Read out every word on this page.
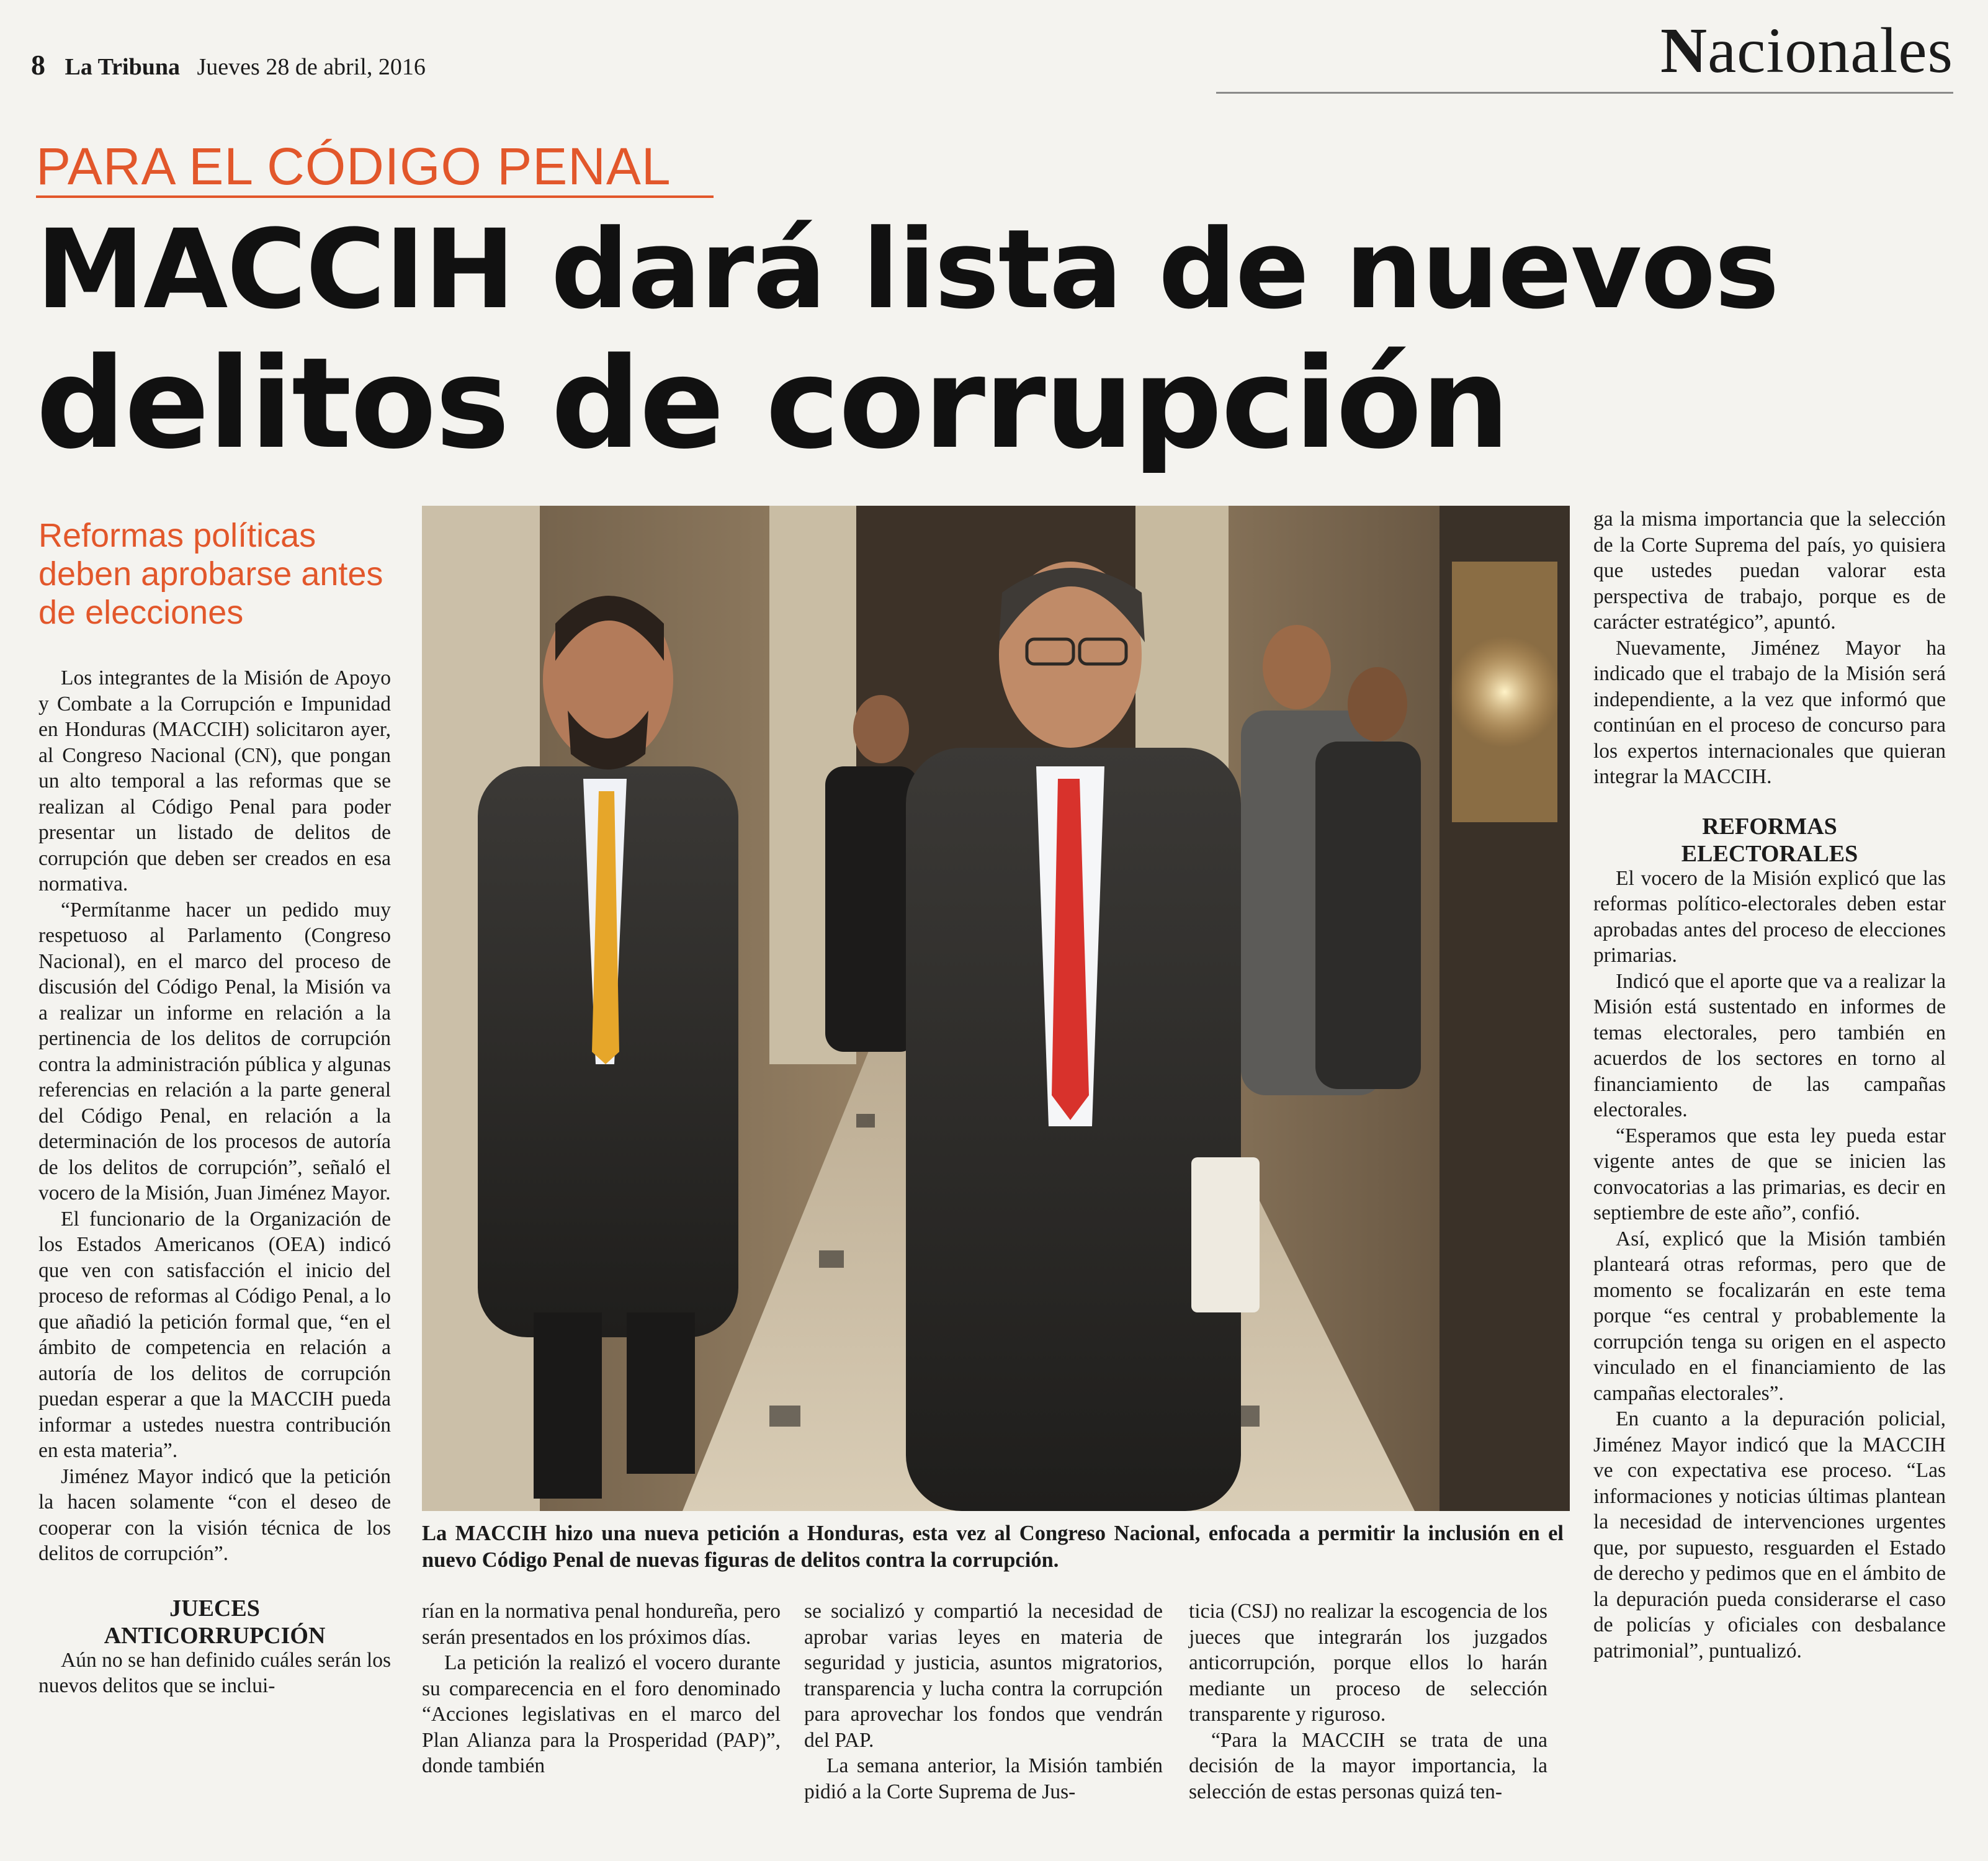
8 La Tribuna Jueves 28 de abril, 2016	Nacionales
PARA EL CÓDIGO PENAL
MACCIH dará lista de nuevos
delitos de corrupción
Reformas políticas deben aprobarse antes de elecciones

Los integrantes de la Misión de Apoyo y Combate a la Corrupción e Impunidad en Honduras (MACCIH) solicitaron ayer, al Congreso Nacional (CN), que pongan un alto temporal a las reformas que se realizan al Código Penal para poder presentar un listado de delitos de corrupción que deben ser creados en esa normativa.

“Permítanme hacer un pedido muy respetuoso al Parlamento (Congreso Nacional), en el marco del proceso de discusión del Código Penal, la Misión va a realizar un informe en relación a la pertinencia de los delitos de corrupción contra la administración pública y algunas referencias en relación a la parte general del Código Penal, en relación a la determinación de los procesos de autoría de los delitos de corrupción”, señaló el vocero de la Misión, Juan Jiménez Mayor.

El funcionario de la Organización de los Estados Americanos (OEA) indicó que ven con satisfacción el inicio del proceso de reformas al Código Penal, a lo que añadió la petición formal que, “en el ámbito de competencia en relación a autoría de los delitos de corrupción puedan esperar a que la MACCIH pueda informar a ustedes nuestra contribución en esta materia”.

Jiménez Mayor indicó que la petición la hacen solamente “con el deseo de cooperar con la visión técnica de los delitos de corrupción”.

JUECES
ANTICORRUPCIÓN

Aún no se han definido cuáles serán los nuevos delitos que se inclui-

La MACCIH hizo una nueva petición a Honduras, esta vez al Congreso Nacional, enfocada a permitir la inclusión en el nuevo Código Penal de nuevas figuras de delitos contra la corrupción.

rían en la normativa penal hondureña, pero serán presentados en los próximos días.

La petición la realizó el vocero durante su comparecencia en el foro denominado “Acciones legislativas en el marco del Plan Alianza para la Prosperidad (PAP)”, donde también

se socializó y compartió la necesidad de aprobar varias leyes en materia de seguridad y justicia, asuntos migratorios, transparencia y lucha contra la corrupción para aprovechar los fondos que vendrán del PAP.

La semana anterior, la Misión también pidió a la Corte Suprema de Jus-

ticia (CSJ) no realizar la escogencia de los jueces que integrarán los juzgados anticorrupción, porque ellos lo harán mediante un proceso de selección transparente y riguroso.

“Para la MACCIH se trata de una decisión de la mayor importancia, la selección de estas personas quizá ten-

ga la misma importancia que la selección de la Corte Suprema del país, yo quisiera que ustedes puedan valorar esta perspectiva de trabajo, porque es de carácter estratégico”, apuntó.

Nuevamente, Jiménez Mayor ha indicado que el trabajo de la Misión será independiente, a la vez que informó que continúan en el proceso de concurso para los expertos internacionales que quieran integrar la MACCIH.

REFORMAS
ELECTORALES

El vocero de la Misión explicó que las reformas político-electorales deben estar aprobadas antes del proceso de elecciones primarias.

Indicó que el aporte que va a realizar la Misión está sustentado en informes de temas electorales, pero también en acuerdos de los sectores en torno al financiamiento de las campañas electorales.

“Esperamos que esta ley pueda estar vigente antes de que se inicien las convocatorias a las primarias, es decir en septiembre de este año”, confió.

Así, explicó que la Misión también planteará otras reformas, pero que de momento se focalizarán en este tema porque “es central y probablemente la corrupción tenga su origen en el aspecto vinculado en el financiamiento de las campañas electorales”.

En cuanto a la depuración policial, Jiménez Mayor indicó que la MACCIH ve con expectativa ese proceso. “Las informaciones y noticias últimas plantean la necesidad de intervenciones urgentes que, por supuesto, resguarden el Estado de derecho y pedimos que en el ámbito de la depuración pueda considerarse el caso de policías y oficiales con desbalance patrimonial”, puntualizó.
